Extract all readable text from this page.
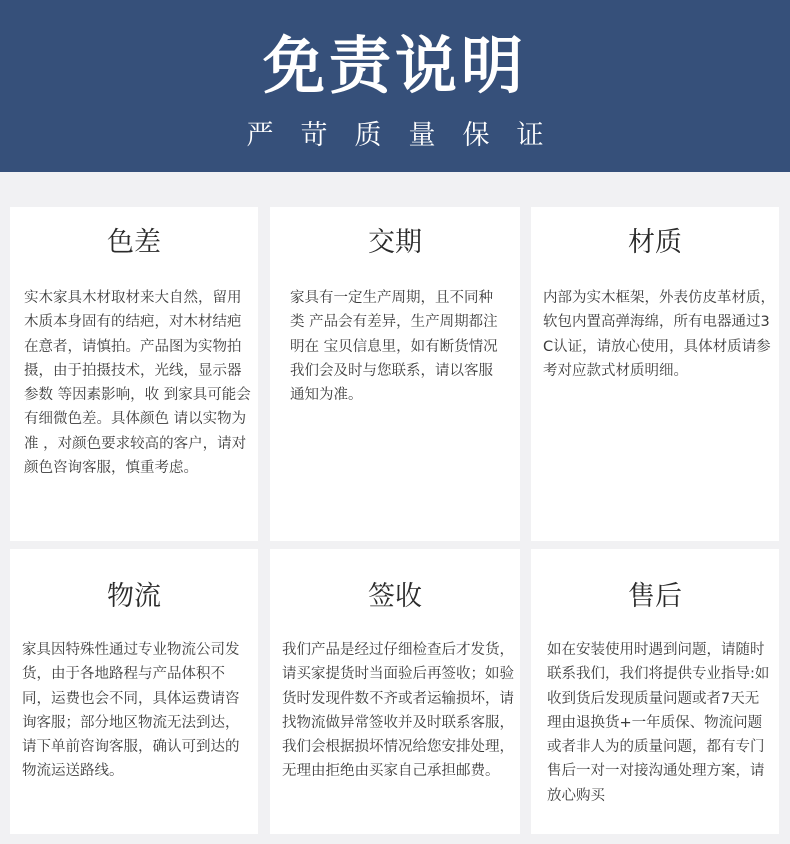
免责说明
严苛质量保证
色差
实木家具木材取材来大自然，留用木质本身固有的结疤，对木材结疤在意者，请慎拍。产品图为实物拍摄，由于拍摄技术，光线，显示器参数 等因素影响，收 到家具可能会有细微色差。具体颜色 请以实物为准 ，对颜色要求较高的客户，请对颜色咨询客服，慎重考虑。
交期
家具有一定生产周期，且不同种类 产品会有差异，生产周期都注明在 宝贝信息里，如有断货情况我们会及时与您联系，请以客服通知为准。
材质
内部为实木框架，外表仿皮革材质，软包内置高弹海绵，所有电器通过3C认证，请放心使用，具体材质请参考对应款式材质明细。
物流
家具因特殊性通过专业物流公司发货，由于各地路程与产品体积不同，运费也会不同，具体运费请咨询客服；部分地区物流无法到达，请下单前咨询客服，确认可到达的物流运送路线。
签收
我们产品是经过仔细检查后才发货，请买家提货时当面验后再签收；如验货时发现件数不齐或者运输损坏，请找物流做异常签收并及时联系客服，我们会根据损坏情况给您安排处理，无理由拒绝由买家自己承担邮费。
售后
如在安装使用时遇到问题，请随时联系我们，我们将提供专业指导:如收到货后发现质量问题或者7天无理由退换货+一年质保、物流问题或者非人为的质量问题，都有专门售后一对一对接沟通处理方案，请放心购买
